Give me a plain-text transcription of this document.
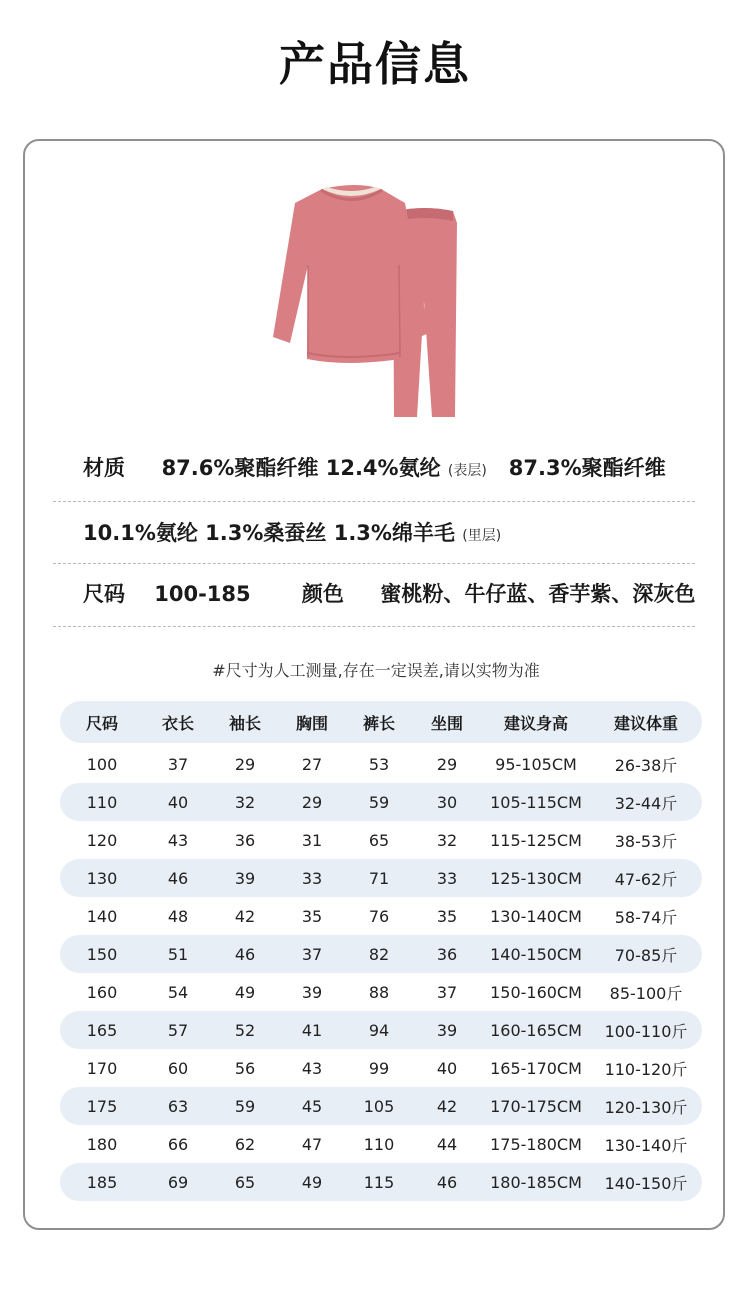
产品信息
材质 87.6%聚酯纤维 12.4%氨纶 (表层) 87.3%聚酯纤维
10.1%氨纶 1.3%桑蚕丝 1.3%绵羊毛 (里层)
尺码 100-185 颜色 蜜桃粉、牛仔蓝、香芋紫、深灰色
#尺寸为人工测量,存在一定误差,请以实物为准
尺码	衣长	袖长	胸围	裤长	坐围	建议身高	建议体重
100	37	29	27	53	29	95-105CM	26-38斤
110	40	32	29	59	30	105-115CM	32-44斤
120	43	36	31	65	32	115-125CM	38-53斤
130	46	39	33	71	33	125-130CM	47-62斤
140	48	42	35	76	35	130-140CM	58-74斤
150	51	46	37	82	36	140-150CM	70-85斤
160	54	49	39	88	37	150-160CM	85-100斤
165	57	52	41	94	39	160-165CM	100-110斤
170	60	56	43	99	40	165-170CM	110-120斤
175	63	59	45	105	42	170-175CM	120-130斤
180	66	62	47	110	44	175-180CM	130-140斤
185	69	65	49	115	46	180-185CM	140-150斤
